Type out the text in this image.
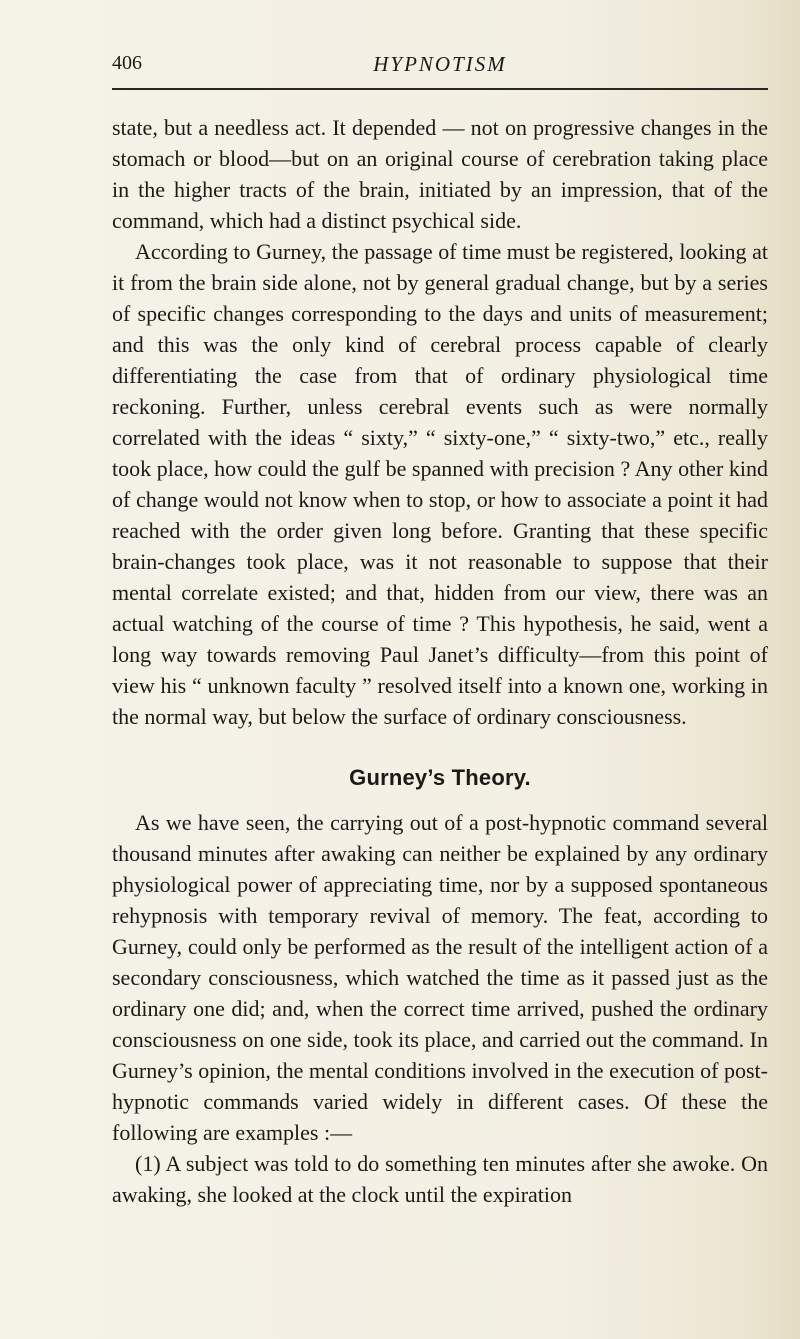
406	HYPNOTISM

state, but a needless act. It depended — not on progressive changes in the stomach or blood—but on an original course of cerebration taking place in the higher tracts of the brain, initiated by an impression, that of the command, which had a distinct psychical side.

According to Gurney, the passage of time must be registered, looking at it from the brain side alone, not by general gradual change, but by a series of specific changes corresponding to the days and units of measurement; and this was the only kind of cerebral process capable of clearly differentiating the case from that of ordinary physiological time reckoning. Further, unless cerebral events such as were normally correlated with the ideas “ sixty,” “ sixty-one,” “ sixty-two,” etc., really took place, how could the gulf be spanned with precision ? Any other kind of change would not know when to stop, or how to associate a point it had reached with the order given long before. Granting that these specific brain-changes took place, was it not reasonable to suppose that their mental correlate existed; and that, hidden from our view, there was an actual watching of the course of time ? This hypothesis, he said, went a long way towards removing Paul Janet’s difficulty—from this point of view his “ unknown faculty ” resolved itself into a known one, working in the normal way, but below the surface of ordinary consciousness.

Gurney’s Theory.

As we have seen, the carrying out of a post-hypnotic command several thousand minutes after awaking can neither be explained by any ordinary physiological power of appreciating time, nor by a supposed spontaneous rehypnosis with temporary revival of memory. The feat, according to Gurney, could only be performed as the result of the intelligent action of a secondary consciousness, which watched the time as it passed just as the ordinary one did; and, when the correct time arrived, pushed the ordinary consciousness on one side, took its place, and carried out the command. In Gurney’s opinion, the mental conditions involved in the execution of post-hypnotic commands varied widely in different cases. Of these the following are examples :—

(1) A subject was told to do something ten minutes after she awoke. On awaking, she looked at the clock until the expiration
